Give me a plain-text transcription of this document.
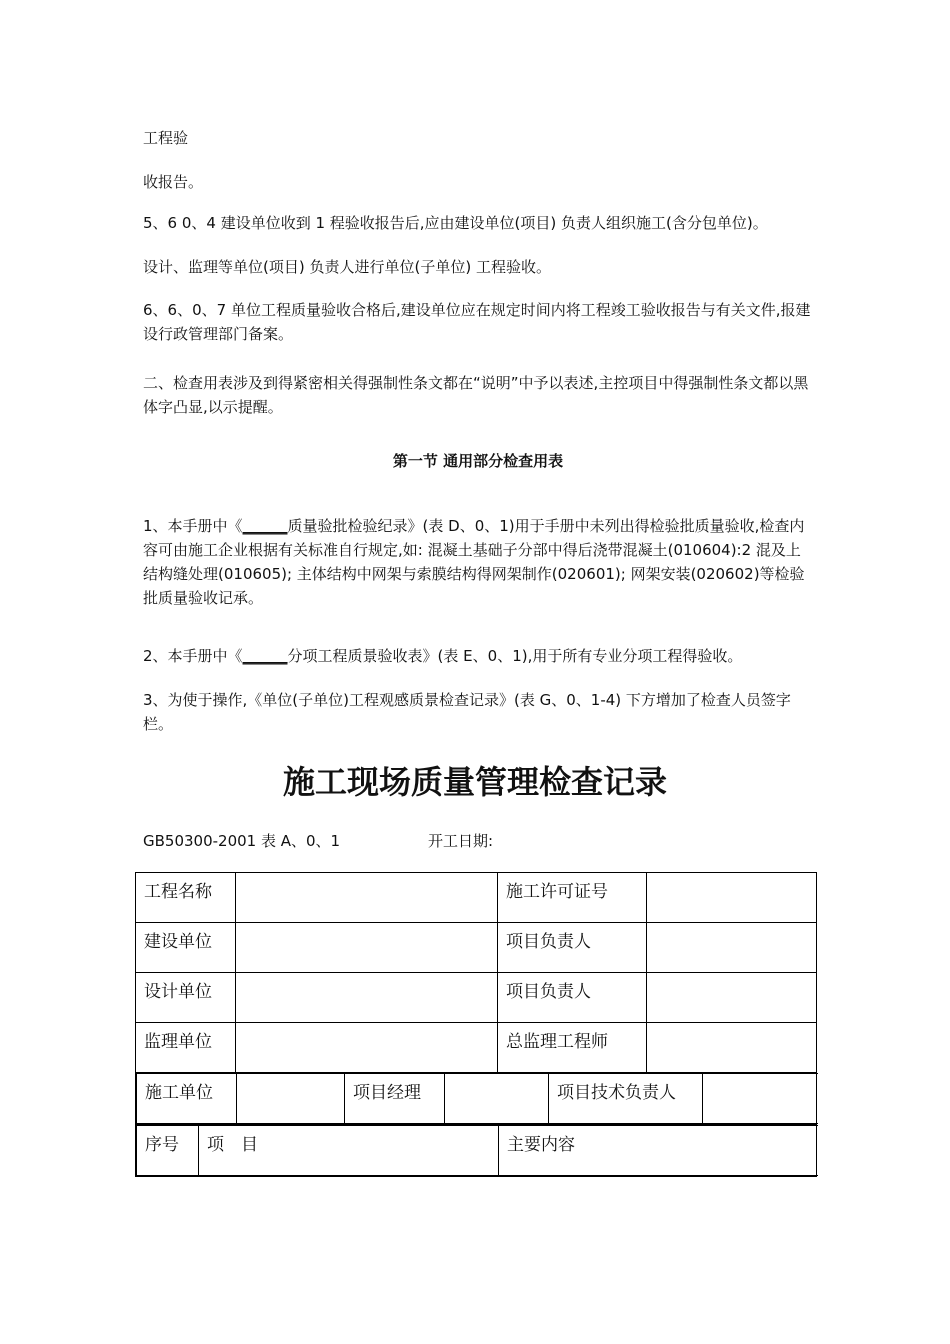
工程验

收报告。

5、6 0、4 建设单位收到 1 程验收报告后,应由建设单位(项目) 负责人组织施工(含分包单位)。

设计、监理等单位(项目) 负责人进行单位(子单位) 工程验收。

6、6、0、7 单位工程质量验收合格后,建设单位应在规定时间内将工程竣工验收报告与有关文件,报建设行政管理部门备案。

二、检查用表涉及到得紧密相关得强制性条文都在“说明”中予以表述,主控项目中得强制性条文都以黑体字凸显,以示提醒。

第一节 通用部分检查用表

1、本手册中《______质量验批检验纪录》(表 D、0、1)用于手册中未列出得检验批质量验收,检查内容可由施工企业根据有关标准自行规定,如: 混凝土基础子分部中得后浇带混凝土(010604):2 混及上结构缝处理(010605); 主体结构中网架与索膜结构得网架制作(020601); 网架安装(020602)等检验批质量验收记承。

2、本手册中《______分项工程质景验收表》(表 E、0、1),用于所有专业分项工程得验收。

3、为使于操作,《单位(子单位)工程观感质景检查记录》(表 G、0、1-4) 下方增加了检查人员签字栏。

施工现场质量管理检查记录
GB50300-2001 表 A、0、1	开工日期:
工程名称		施工许可证号	
建设单位		项目负责人	
设计单位		项目负责人	
监理单位		总监理工程师	

施工单位		项目经理		项目技术负责人	

序号	项　目	主要内容
